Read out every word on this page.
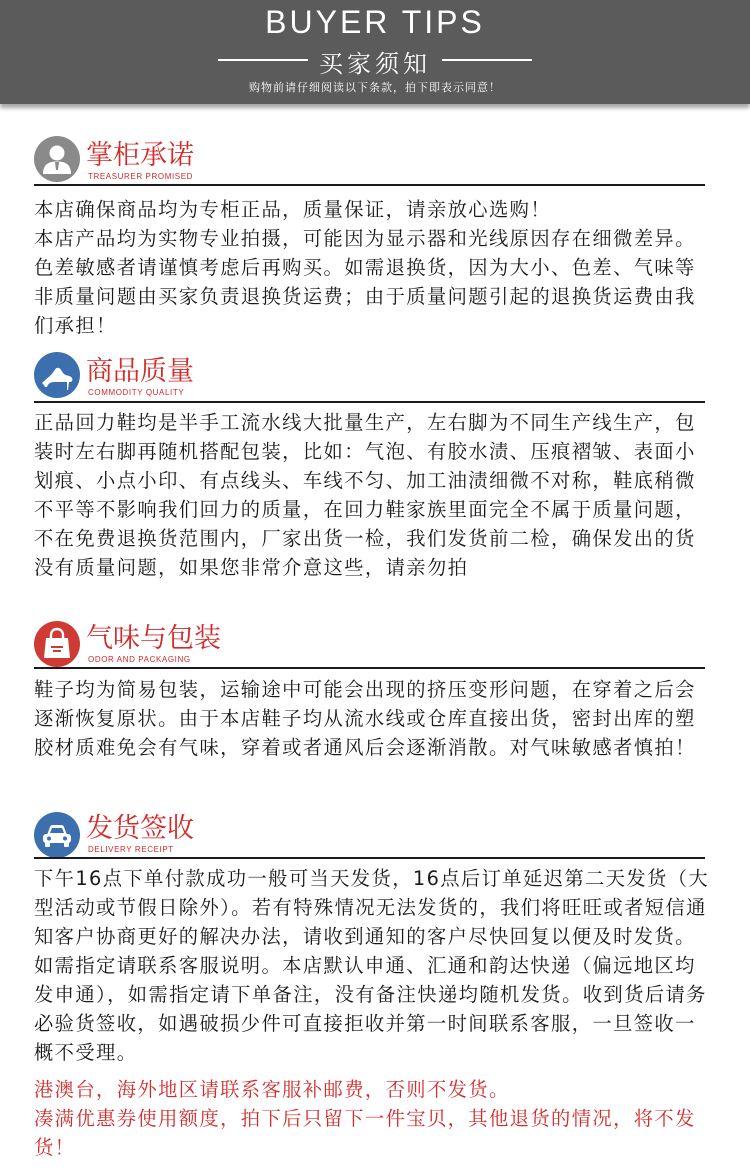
BUYER TIPS
买家须知
购物前请仔细阅读以下条款，拍下即表示同意！
掌柜承诺
TREASURER PROMISED

本店确保商品均为专柜正品，质量保证，请亲放心选购！

本店产品均为实物专业拍摄，可能因为显示器和光线原因存在细微差异。色差敏感者请谨慎考虑后再购买。如需退换货，因为大小、色差、气味等非质量问题由买家负责退换货运费；由于质量问题引起的退换货运费由我们承担！

商品质量
COMMODITY QUALITY

正品回力鞋均是半手工流水线大批量生产，左右脚为不同生产线生产，包装时左右脚再随机搭配包装，比如：气泡、有胶水渍、压痕褶皱、表面小划痕、小点小印、有点线头、车线不匀、加工油渍细微不对称，鞋底稍微不平等不影响我们回力的质量，在回力鞋家族里面完全不属于质量问题，不在免费退换货范围内，厂家出货一检，我们发货前二检，确保发出的货没有质量问题，如果您非常介意这些，请亲勿拍

气味与包装
ODOR AND PACKAGING

鞋子均为简易包装，运输途中可能会出现的挤压变形问题，在穿着之后会逐渐恢复原状。由于本店鞋子均从流水线或仓库直接出货，密封出库的塑胶材质难免会有气味，穿着或者通风后会逐渐消散。对气味敏感者慎拍！

发货签收
DELIVERY RECEIPT

下午16点下单付款成功一般可当天发货，16点后订单延迟第二天发货（大型活动或节假日除外）。若有特殊情况无法发货的，我们将旺旺或者短信通知客户协商更好的解决办法，请收到通知的客户尽快回复以便及时发货。如需指定请联系客服说明。本店默认申通、汇通和韵达快递（偏远地区均发申通），如需指定请下单备注，没有备注快递均随机发货。收到货后请务必验货签收，如遇破损少件可直接拒收并第一时间联系客服，一旦签收一概不受理。

港澳台，海外地区请联系客服补邮费，否则不发货。

凑满优惠券使用额度，拍下后只留下一件宝贝，其他退货的情况，将不发货！
